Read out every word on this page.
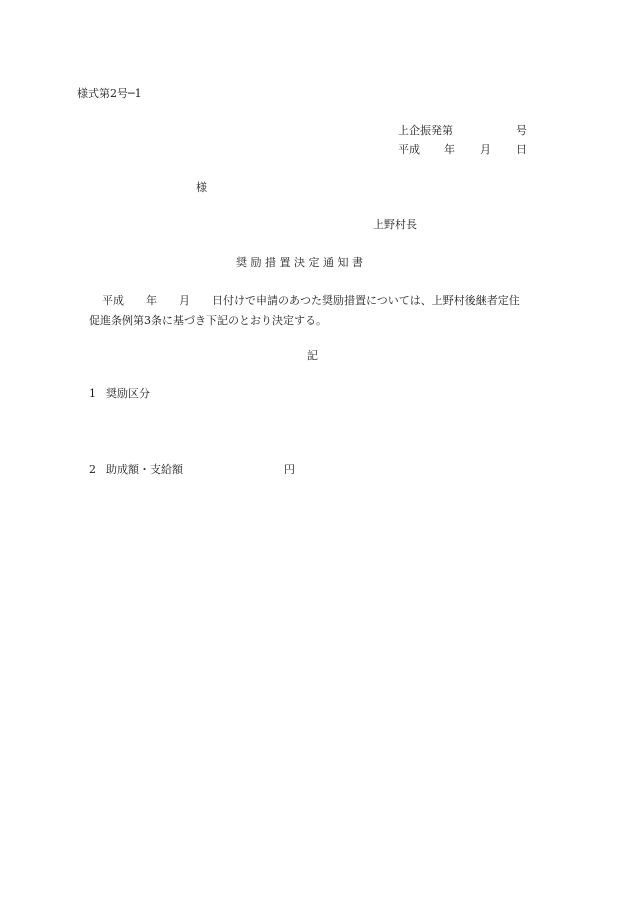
様式第2号─1

上企振発第	号

平成 年 月 日

様

上野村長

奨 励 措 置 決 定 通 知 書

平成　　年　　月　　日付けで申請のあつた奨励措置については、上野村後継者定住

促進条例第3条に基づき下記のとおり決定する。

記

1 奨励区分

2 助成額・支給額	円
